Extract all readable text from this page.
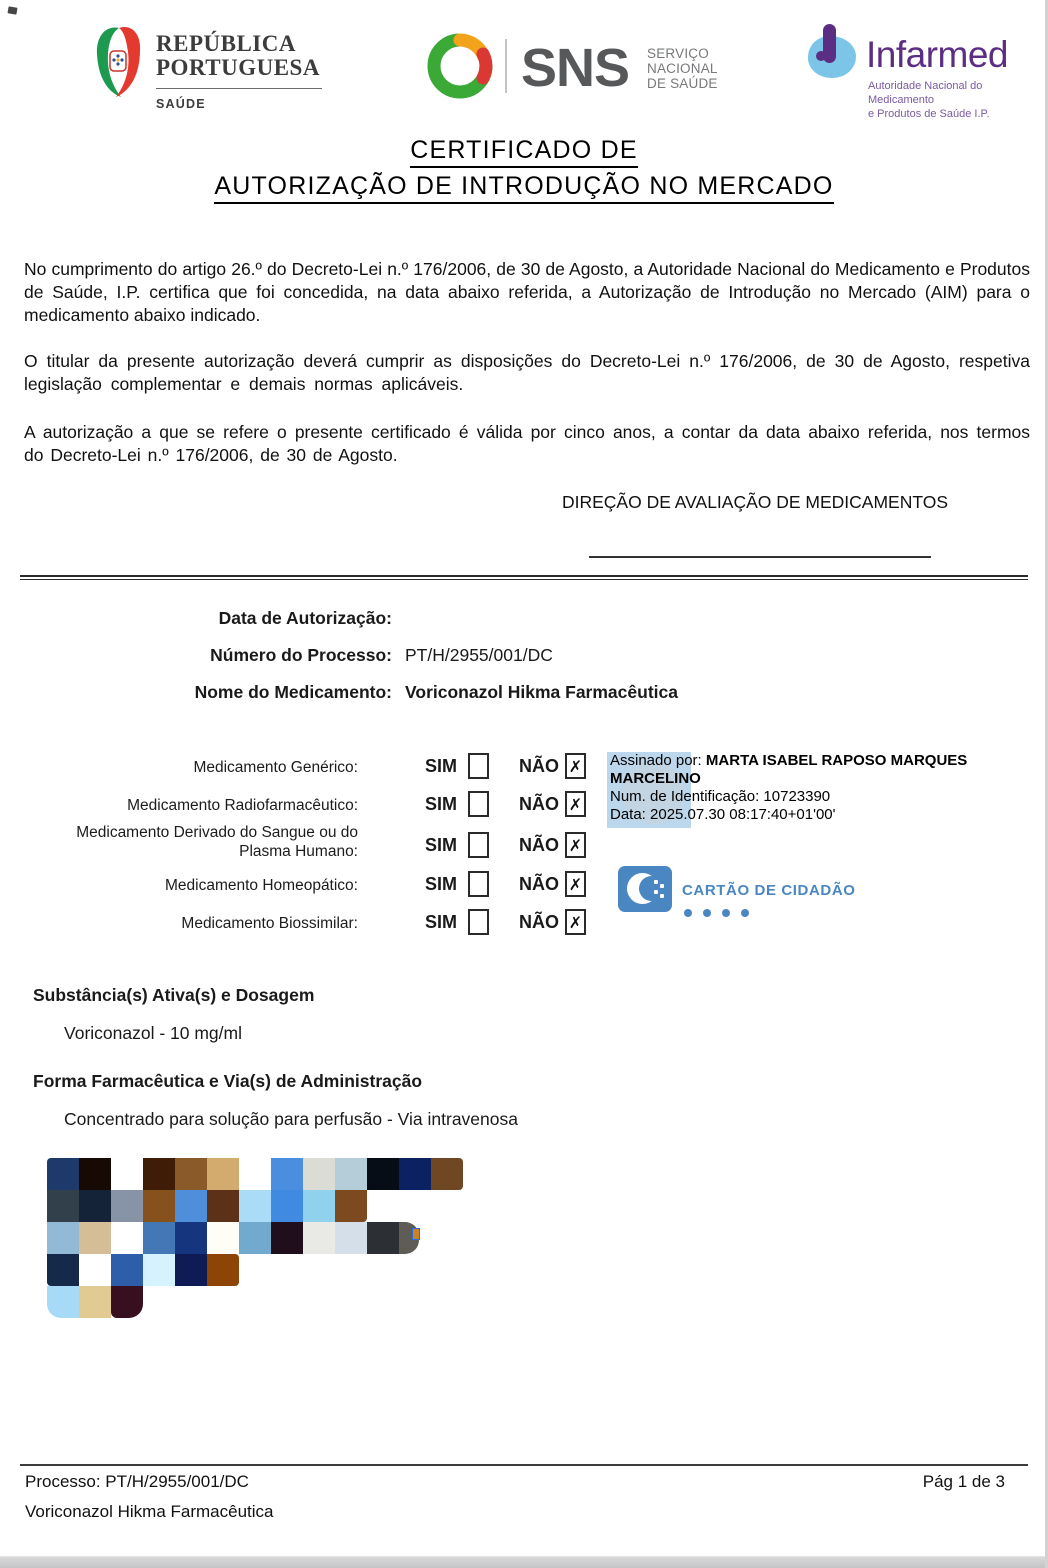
REPÚBLICA
PORTUGUESA
SAÚDE
SNS SERVIÇO NACIONAL
DE SAÚDE
Infarmed
Autoridade Nacional do Medicamento
e Produtos de Saúde I.P.
CERTIFICADO DE
AUTORIZAÇÃO DE INTRODUÇÃO NO MERCADO
No cumprimento do artigo 26.º do Decreto-Lei n.º 176/2006, de 30 de Agosto, a Autoridade Nacional do Medicamento e Produtos de Saúde, I.P. certifica que foi concedida, na data abaixo referida, a Autorização de Introdução no Mercado (AIM) para o medicamento abaixo indicado.
O titular da presente autorização deverá cumprir as disposições do Decreto-Lei n.º 176/2006, de 30 de Agosto, respetiva legislação complementar e demais normas aplicáveis.
A autorização a que se refere o presente certificado é válida por cinco anos, a contar da data abaixo referida, nos termos do Decreto-Lei n.º 176/2006, de 30 de Agosto.
DIREÇÃO DE AVALIAÇÃO DE MEDICAMENTOS
Data de Autorização:
Número do Processo: PT/H/2955/001/DC
Nome do Medicamento: Voriconazol Hikma Farmacêutica
Medicamento Genérico:	SIM	NÃO ✗
Medicamento Radiofarmacêutico:	SIM	NÃO ✗
Medicamento Derivado do Sangue ou do Plasma Humano:	SIM	NÃO ✗
Medicamento Homeopático:	SIM	NÃO ✗
Medicamento Biossimilar:	SIM	NÃO ✗
Assinado por: MARTA ISABEL RAPOSO MARQUES MARCELINO
Num. de Identificação: 10723390
Data: 2025.07.30 08:17:40+01'00'
CARTÃO DE CIDADÃO
Substância(s) Ativa(s) e Dosagem
Voriconazol - 10 mg/ml
Forma Farmacêutica e Via(s) de Administração
Concentrado para solução para perfusão - Via intravenosa
Processo: PT/H/2955/001/DC	Pág 1 de 3
Voriconazol Hikma Farmacêutica
